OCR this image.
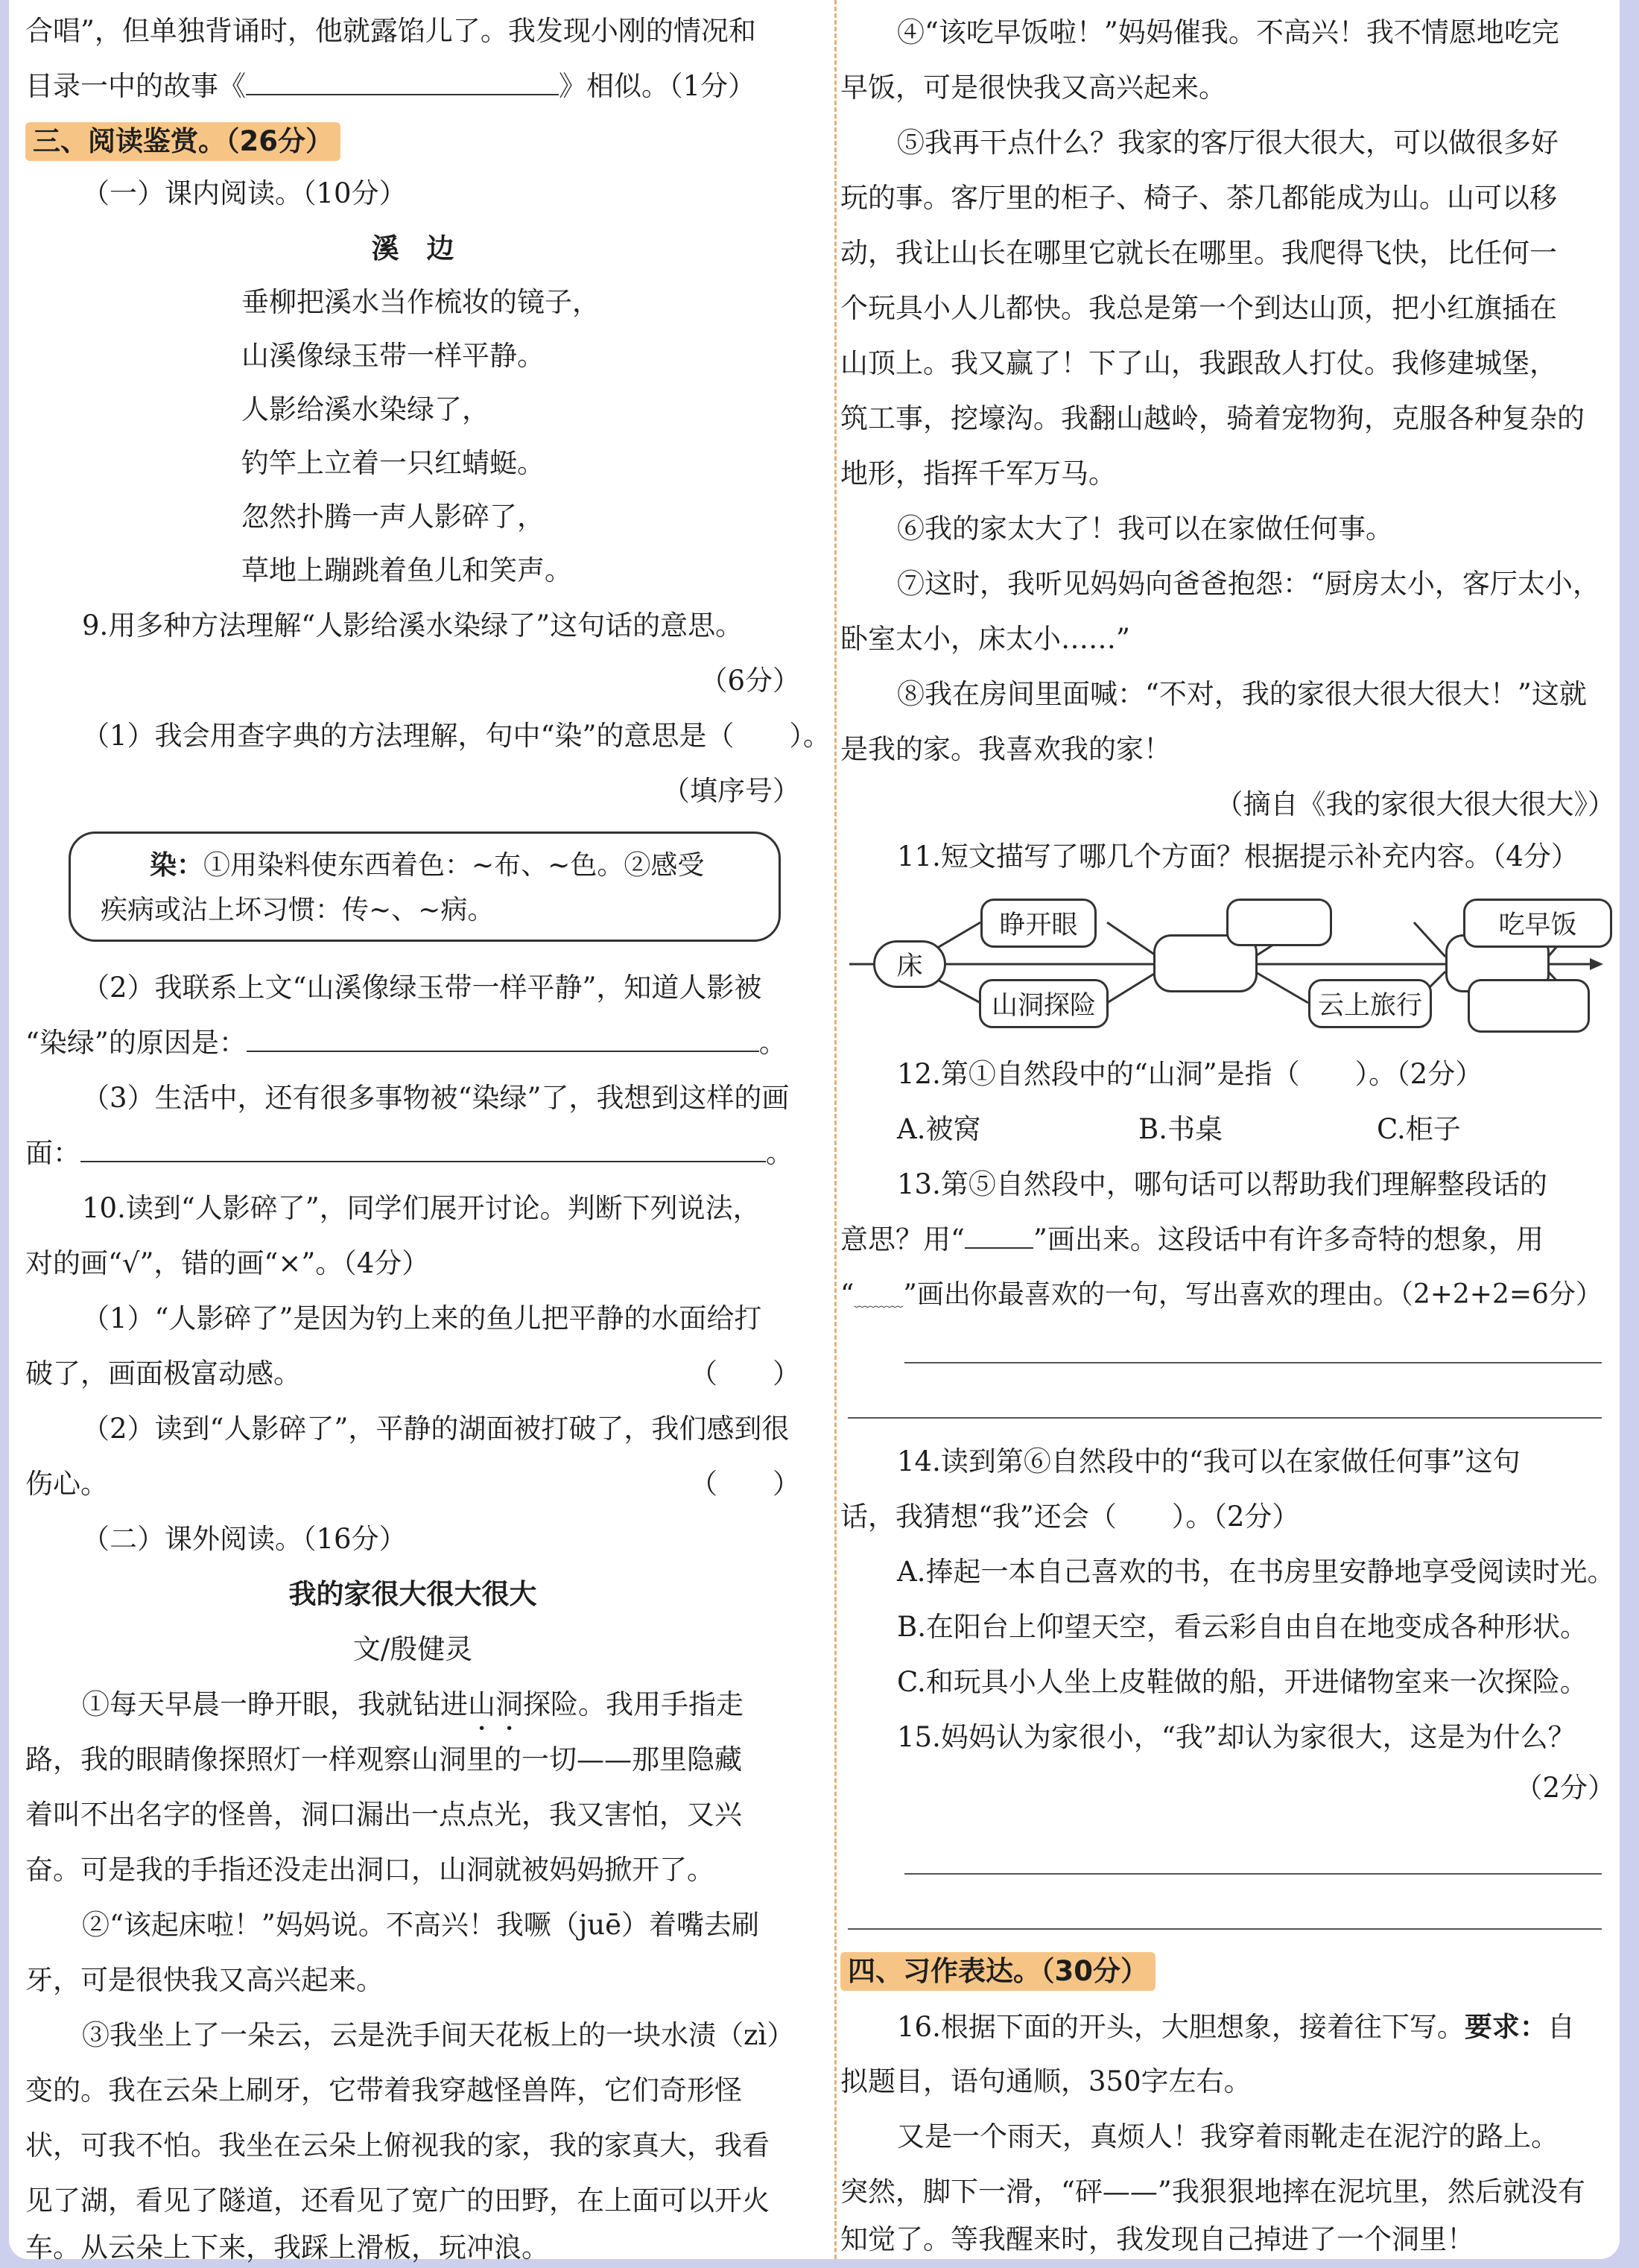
合唱”，但单独背诵时，他就露馅儿了。我发现小刚的情况和
目录一中的故事《	》相似。（1分）
三、阅读鉴赏。（26分）
（一）课内阅读。（10分）
溪　边
垂柳把溪水当作梳妆的镜子，
山溪像绿玉带一样平静。
人影给溪水染绿了，
钓竿上立着一只红蜻蜓。
忽然扑腾一声人影碎了，
草地上蹦跳着鱼儿和笑声。
9.用多种方法理解“人影给溪水染绿了”这句话的意思。
（6分）
（1）我会用查字典的方法理解，句中“染”的意思是（　　）。
（填序号）
染：①用染料使东西着色：~布、~色。②感受
疾病或沾上坏习惯：传~、~病。
（2）我联系上文“山溪像绿玉带一样平静”，知道人影被
“染绿”的原因是：	。
（3）生活中，还有很多事物被“染绿”了，我想到这样的画
面：	。
10.读到“人影碎了”，同学们展开讨论。判断下列说法，
对的画“√”，错的画“×”。（4分）
（1）“人影碎了”是因为钓上来的鱼儿把平静的水面给打
破了，画面极富动感。	（　　）
（2）读到“人影碎了”，平静的湖面被打破了，我们感到很
伤心。	（　　）
（二）课外阅读。（16分）
我的家很大很大很大
文/殷健灵
①每天早晨一睁开眼，我就钻进山洞探险。我用手指走
路，我的眼睛像探照灯一样观察山洞里的一切——那里隐藏
着叫不出名字的怪兽，洞口漏出一点点光，我又害怕，又兴
奋。可是我的手指还没走出洞口，山洞就被妈妈掀开了。
②“该起床啦！”妈妈说。不高兴！我噘（juē）着嘴去刷
牙，可是很快我又高兴起来。
③我坐上了一朵云，云是洗手间天花板上的一块水渍（zì）
变的。我在云朵上刷牙，它带着我穿越怪兽阵，它们奇形怪
状，可我不怕。我坐在云朵上俯视我的家，我的家真大，我看
见了湖，看见了隧道，还看见了宽广的田野，在上面可以开火
车。从云朵上下来，我踩上滑板，玩冲浪。
④“该吃早饭啦！”妈妈催我。不高兴！我不情愿地吃完
早饭，可是很快我又高兴起来。
⑤我再干点什么？我家的客厅很大很大，可以做很多好
玩的事。客厅里的柜子、椅子、茶几都能成为山。山可以移
动，我让山长在哪里它就长在哪里。我爬得飞快，比任何一
个玩具小人儿都快。我总是第一个到达山顶，把小红旗插在
山顶上。我又赢了！下了山，我跟敌人打仗。我修建城堡，
筑工事，挖壕沟。我翻山越岭，骑着宠物狗，克服各种复杂的
地形，指挥千军万马。
⑥我的家太大了！我可以在家做任何事。
⑦这时，我听见妈妈向爸爸抱怨：“厨房太小，客厅太小，
卧室太小，床太小……”
⑧我在房间里面喊：“不对，我的家很大很大很大！”这就
是我的家。我喜欢我的家！
（摘自《我的家很大很大很大》）
11.短文描写了哪几个方面？根据提示补充内容。（4分）
12.第①自然段中的“山洞”是指（　　）。（2分）
A.被窝	B.书桌	C.柜子
13.第⑤自然段中，哪句话可以帮助我们理解整段话的
意思？用“ ”画出来。这段话中有许多奇特的想象，用
“﹏﹏﹏”画出你最喜欢的一句，写出喜欢的理由。（2+2+2=6分）
14.读到第⑥自然段中的“我可以在家做任何事”这句
话，我猜想“我”还会（　　）。（2分）
A.捧起一本自己喜欢的书，在书房里安静地享受阅读时光。
B.在阳台上仰望天空，看云彩自由自在地变成各种形状。
C.和玩具小人坐上皮鞋做的船，开进储物室来一次探险。
15.妈妈认为家很小，“我”却认为家很大，这是为什么？
（2分）
四、习作表达。（30分）
16.根据下面的开头，大胆想象，接着往下写。要求：自
拟题目，语句通顺，350字左右。
又是一个雨天，真烦人！我穿着雨靴走在泥泞的路上。
突然，脚下一滑，“砰——”我狠狠地摔在泥坑里，然后就没有
知觉了。等我醒来时，我发现自己掉进了一个洞里！
床
睁开眼
山洞探险	云上旅行
吃早饭
